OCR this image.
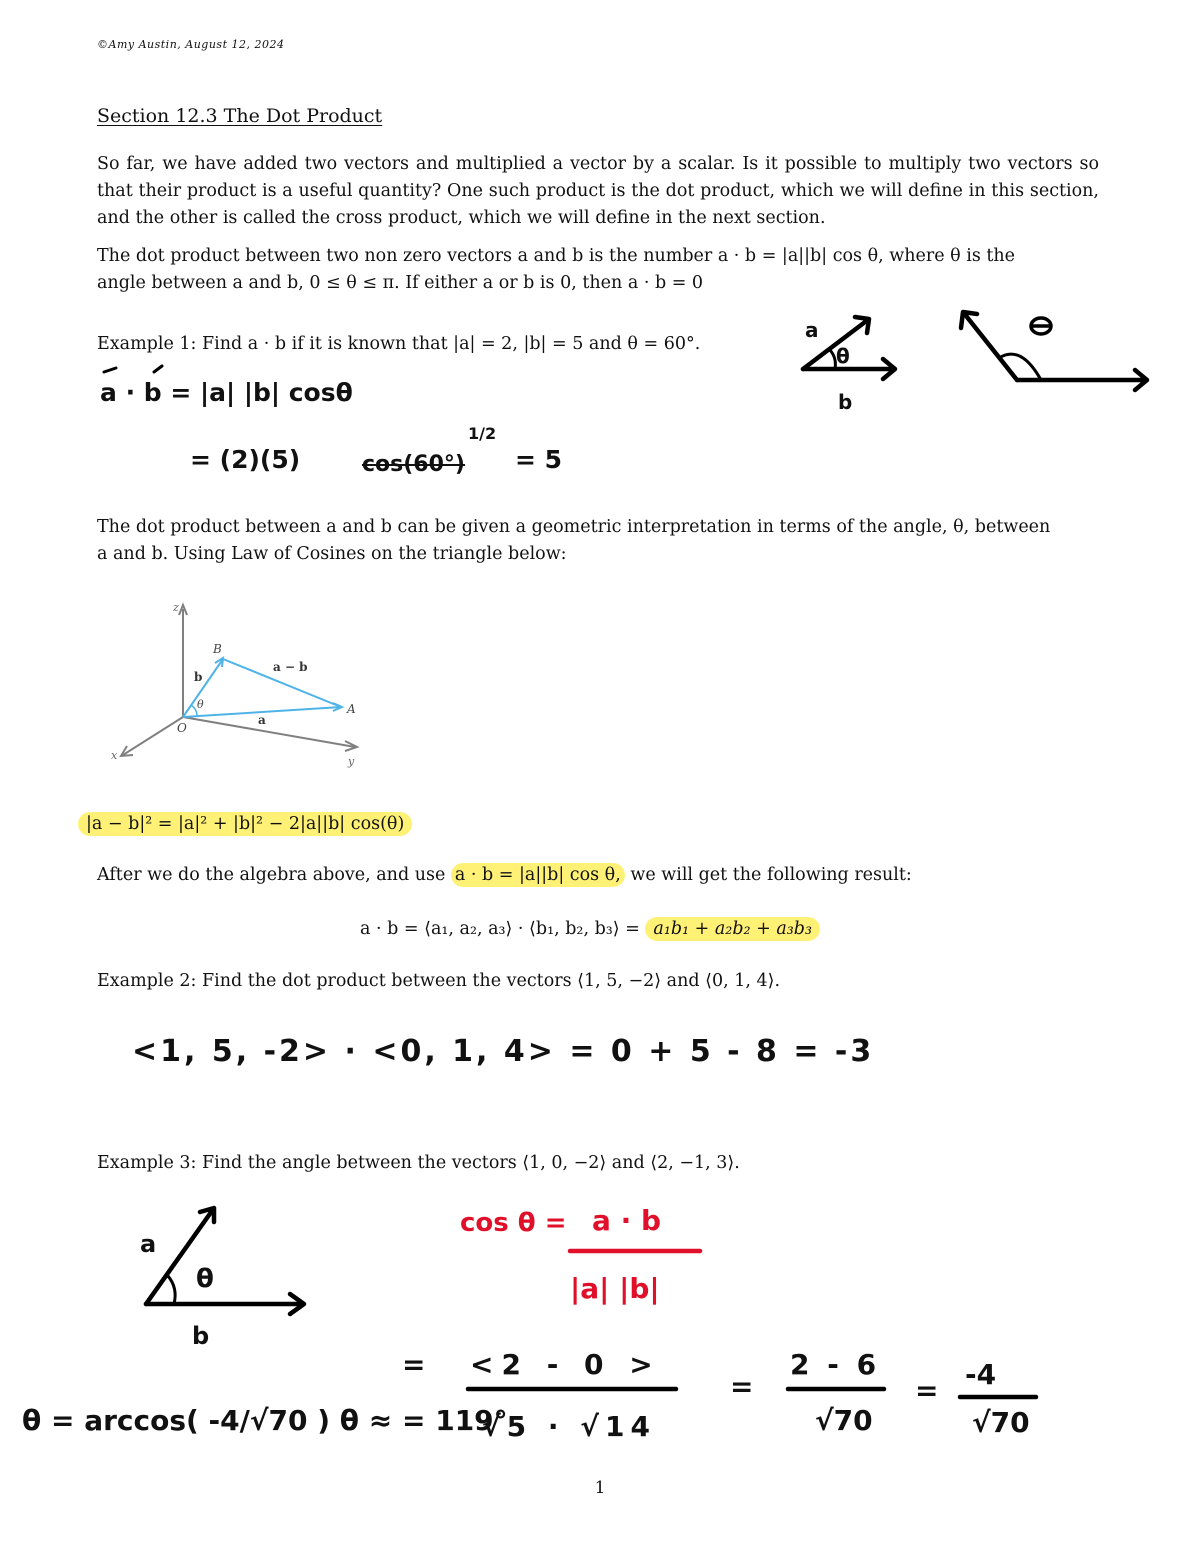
©Amy Austin, August 12, 2024
Section 12.3 The Dot Product
So far, we have added two vectors and multiplied a vector by a scalar. Is it possible to multiply two vectors so that their product is a useful quantity? One such product is the dot product, which we will define in this section, and the other is called the cross product, which we will define in the next section.
The dot product between two non zero vectors a and b is the number a · b = |a||b| cos θ, where θ is the
angle between a and b, 0 ≤ θ ≤ π. If either a or b is 0, then a · b = 0
Example 1: Find a · b if it is known that |a| = 2, |b| = 5 and θ = 60°.
a · b = |a| |b| cosθ
= (2)(5)	cos(60°)
1/2
= 5
a
θ
b
The dot product between a and b can be given a geometric interpretation in terms of the angle, θ, between
a and b. Using Law of Cosines on the triangle below:
z
x	y
B
A
O
b
a
a − b
θ
|a − b|² = |a|² + |b|² − 2|a||b| cos(θ)
After we do the algebra above, and use a · b = |a||b| cos θ, we will get the following result:
a · b = ⟨a₁, a₂, a₃⟩ · ⟨b₁, b₂, b₃⟩ = a₁b₁ + a₂b₂ + a₃b₃
Example 2: Find the dot product between the vectors ⟨1, 5, −2⟩ and ⟨0, 1, 4⟩.
<1, 5, -2> · <0, 1, 4> = 0 + 5 - 8 = -3
Example 3: Find the angle between the vectors ⟨1, 0, −2⟩ and ⟨2, −1, 3⟩.
a
θ
b
cos θ = a · b
|a| |b|
= <2 - 0 >
√5 · √14
=
2 - 6
√70
= -4
√70
θ = arccos( -4/√70 ) θ ≈ = 119°
1
